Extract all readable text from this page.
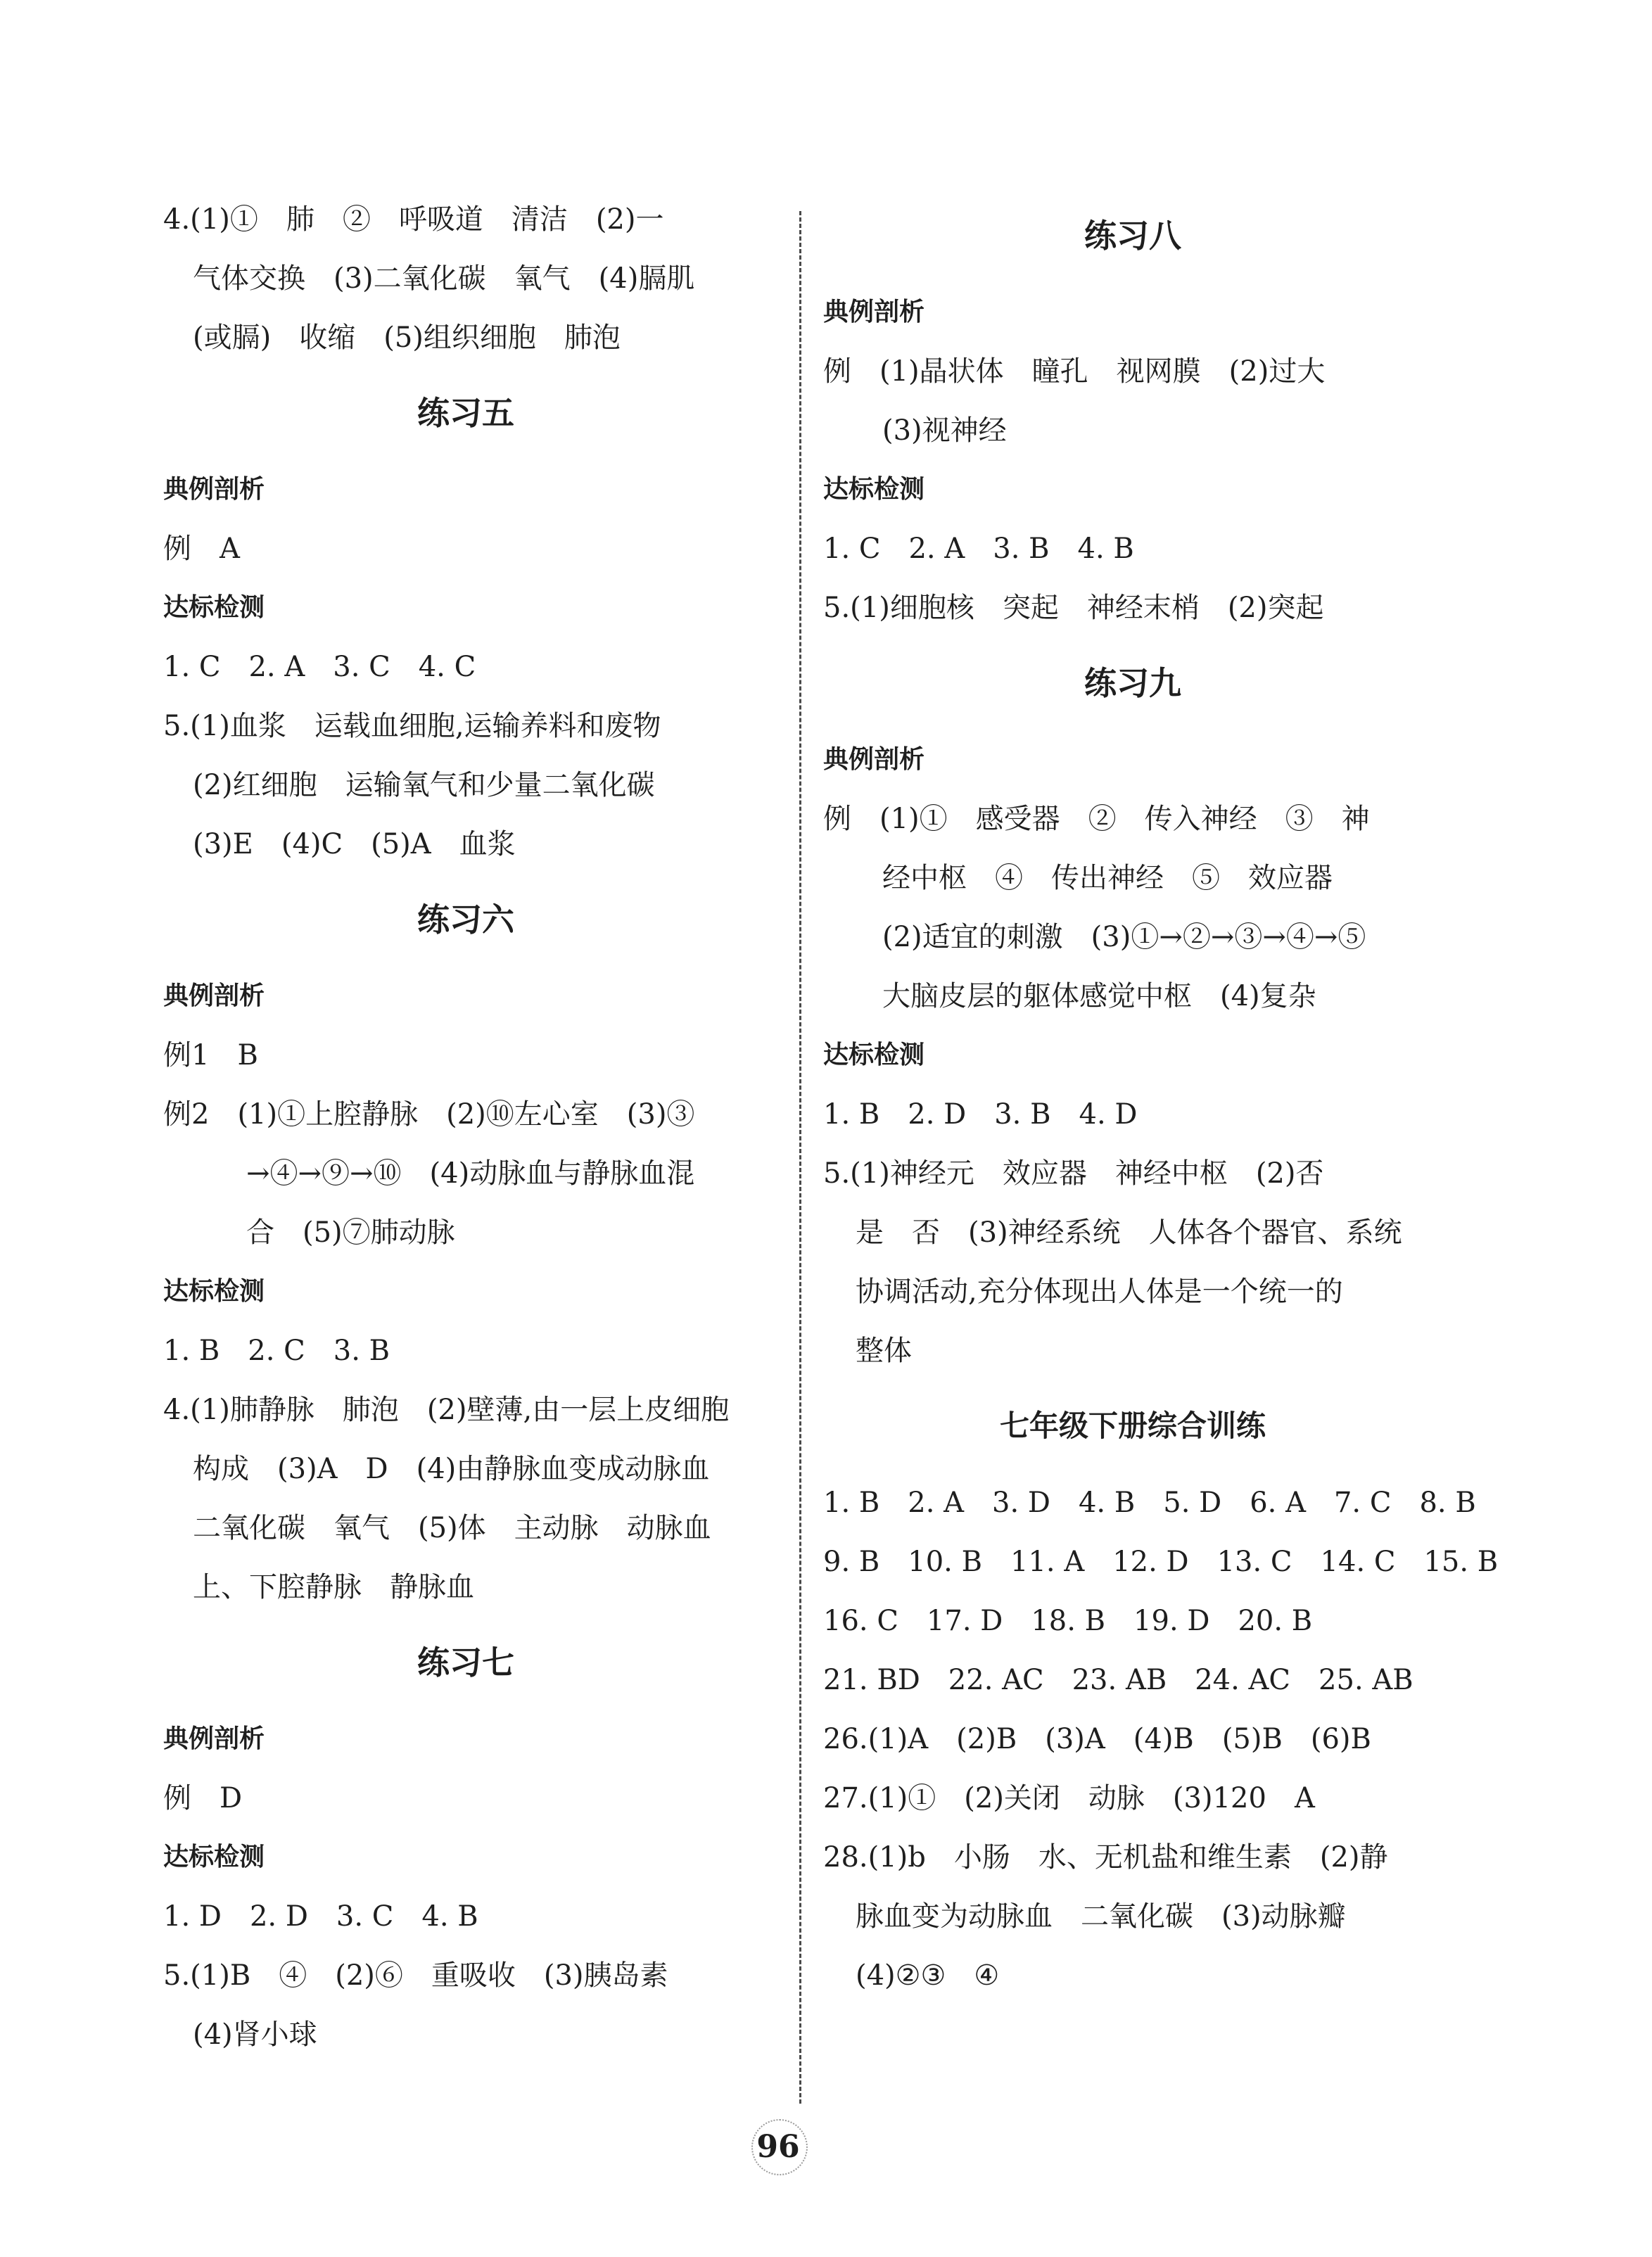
4.(1)①　肺　②　呼吸道　清洁　(2)一
气体交换　(3)二氧化碳　氧气　(4)膈肌
(或膈)　收缩　(5)组织细胞　肺泡
练习五
典例剖析
例　A
达标检测
1. C　2. A　3. C　4. C
5.(1)血浆　运载血细胞,运输养料和废物
(2)红细胞　运输氧气和少量二氧化碳
(3)E　(4)C　(5)A　血浆
练习六
典例剖析
例1　B
例2　(1)①上腔静脉　(2)⑩左心室　(3)③
→④→⑨→⑩　(4)动脉血与静脉血混
合　(5)⑦肺动脉
达标检测
1. B　2. C　3. B
4.(1)肺静脉　肺泡　(2)壁薄,由一层上皮细胞
构成　(3)A　D　(4)由静脉血变成动脉血
二氧化碳　氧气　(5)体　主动脉　动脉血
上、下腔静脉　静脉血
练习七
典例剖析
例　D
达标检测
1. D　2. D　3. C　4. B
5.(1)B　④　(2)⑥　重吸收　(3)胰岛素
(4)肾小球
练习八
典例剖析
例　(1)晶状体　瞳孔　视网膜　(2)过大
(3)视神经
达标检测
1. C　2. A　3. B　4. B
5.(1)细胞核　突起　神经末梢　(2)突起
练习九
典例剖析
例　(1)①　感受器　②　传入神经　③　神
经中枢　④　传出神经　⑤　效应器
(2)适宜的刺激　(3)①→②→③→④→⑤
大脑皮层的躯体感觉中枢　(4)复杂
达标检测
1. B　2. D　3. B　4. D
5.(1)神经元　效应器　神经中枢　(2)否
是　否　(3)神经系统　人体各个器官、系统
协调活动,充分体现出人体是一个统一的
整体
七年级下册综合训练
1. B　2. A　3. D　4. B　5. D　6. A　7. C　8. B
9. B　10. B　11. A　12. D　13. C　14. C　15. B
16. C　17. D　18. B　19. D　20. B
21. BD　22. AC　23. AB　24. AC　25. AB
26.(1)A　(2)B　(3)A　(4)B　(5)B　(6)B
27.(1)①　(2)关闭　动脉　(3)120　A
28.(1)b　小肠　水、无机盐和维生素　(2)静
脉血变为动脉血　二氧化碳　(3)动脉瓣
(4)②③　④
96
